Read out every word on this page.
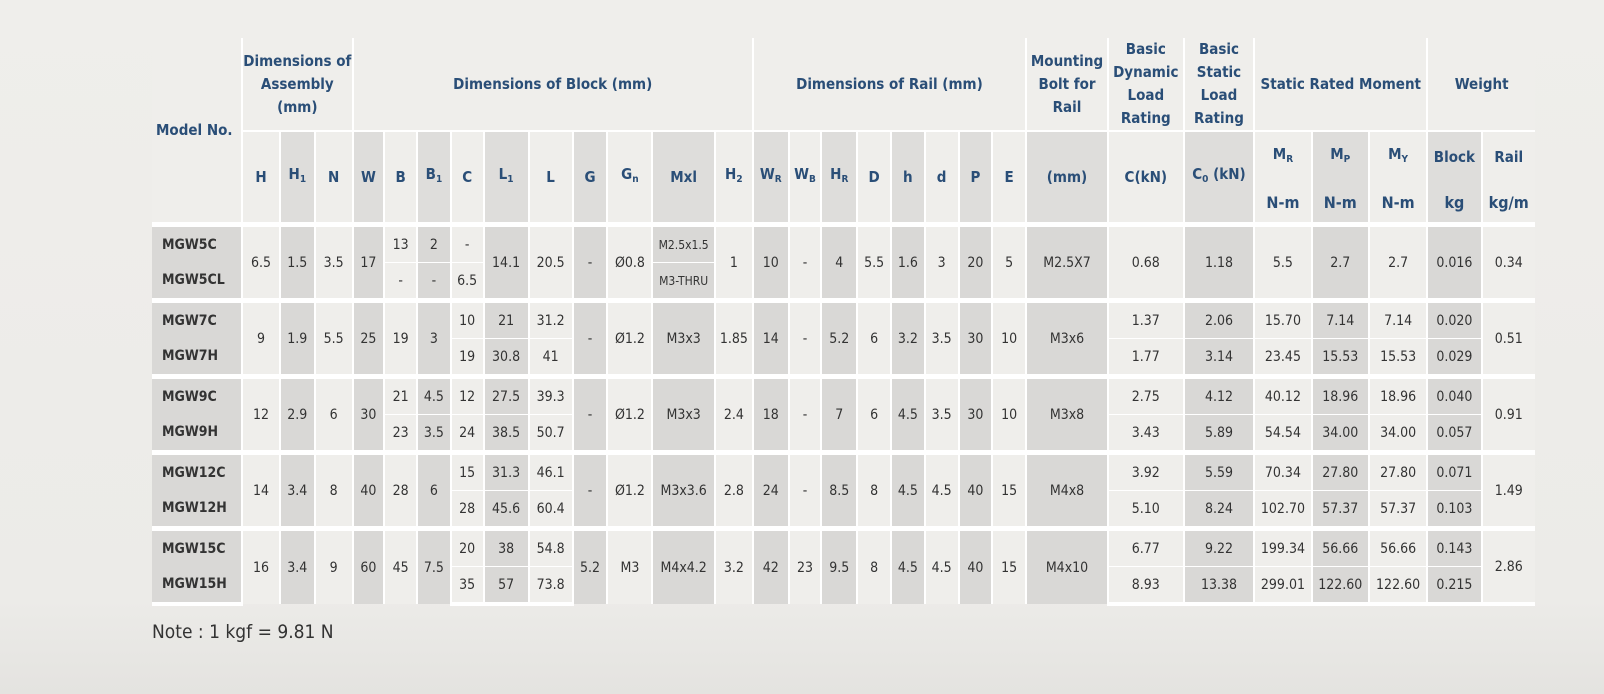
Model No.	Dimensions of Assembly (mm)			Dimensions of Block (mm)										Dimensions of Rail (mm)								Mounting Bolt for Rail	Basic Dynamic Load Rating	Basic Static Load Rating	Static Rated Moment			Weight	
	H	$H_1$	N	W	B	$B_1$	C	$L_1$	L	G	$G_n$	Mxl	$H_2$	$W_R$	$W_B$	$H_R$	D	h	d	P	E	(mm)	C(kN)	$C_0$ (kN)	$M_R$	$M_P$	$M_Y$	Block	Rail
																									N-m	N-m	N-m	kg	kg/m
MGW5C	6.5	1.5	3.5	17	13	2	-	14.1	20.5	-	Ø0.8	M2.5x1.5	1	10	-	4	5.5	1.6	3	20	5	M2.5X7	0.68	1.18	5.5	2.7	2.7	0.016	0.34
MGW5CL					-	-	6.5					M3-THRU																	
MGW7C	9	1.9	5.5	25	19	3	10	21	31.2	-	Ø1.2	M3x3	1.85	14	-	5.2	6	3.2	3.5	30	10	M3x6	1.37	2.06	15.70	7.14	7.14	0.020	0.51
MGW7H							19	30.8	41														1.77	3.14	23.45	15.53	15.53	0.029	
MGW9C	12	2.9	6	30	21	4.5	12	27.5	39.3	-	Ø1.2	M3x3	2.4	18	-	7	6	4.5	3.5	30	10	M3x8	2.75	4.12	40.12	18.96	18.96	0.040	0.91
MGW9H					23	3.5	24	38.5	50.7														3.43	5.89	54.54	34.00	34.00	0.057	
MGW12C	14	3.4	8	40	28	6	15	31.3	46.1	-	Ø1.2	M3x3.6	2.8	24	-	8.5	8	4.5	4.5	40	15	M4x8	3.92	5.59	70.34	27.80	27.80	0.071	1.49
MGW12H							28	45.6	60.4														5.10	8.24	102.70	57.37	57.37	0.103	
MGW15C	16	3.4	9	60	45	7.5	20	38	54.8	5.2	M3	M4x4.2	3.2	42	23	9.5	8	4.5	4.5	40	15	M4x10	6.77	9.22	199.34	56.66	56.66	0.143	2.86
MGW15H							35	57	73.8														8.93	13.38	299.01	122.60	122.60	0.215	
Note : 1 kgf = 9.81 N
